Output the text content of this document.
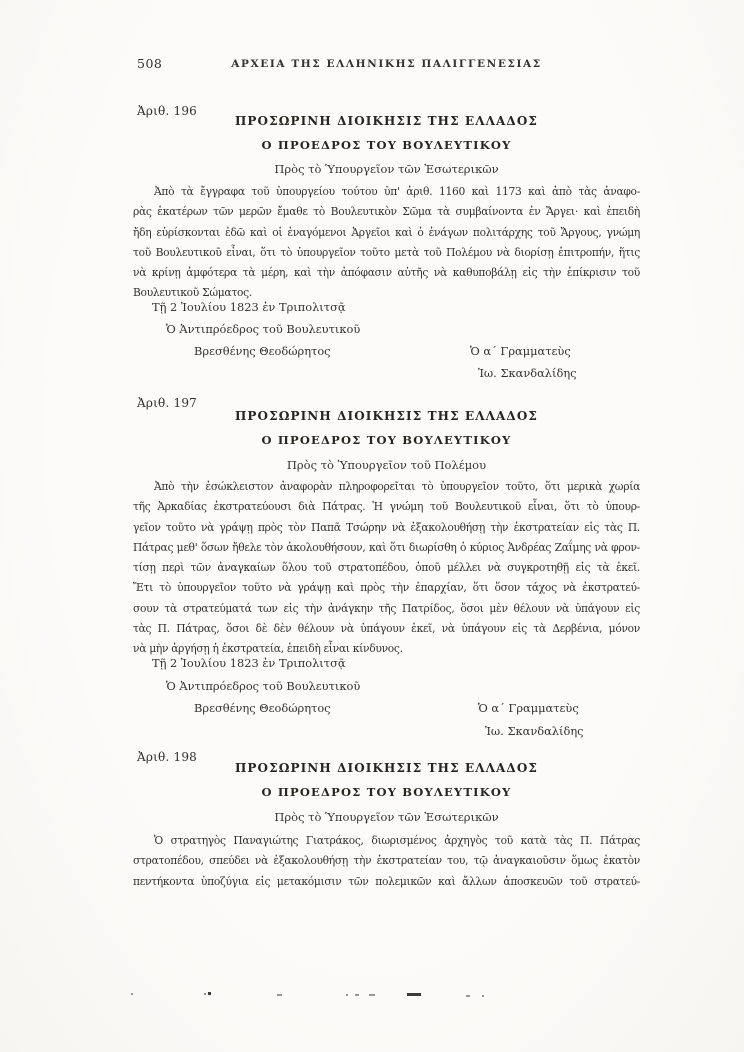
508	ΑΡΧΕΙΑ ΤΗΣ ΕΛΛΗΝΙΚΗΣ ΠΑΛΙΓΓΕΝΕΣΙΑΣ
Ἀριθ. 196
ΠΡΟΣΩΡΙΝΗ ΔΙΟΙΚΗΣΙΣ ΤΗΣ ΕΛΛΑΔΟΣ
Ο ΠΡΟΕΔΡΟΣ ΤΟΥ ΒΟΥΛΕΥΤΙΚΟΥ
Πρὸς τὸ Ὑπουργεῖον τῶν Ἐσωτερικῶν
Ἀπὸ τὰ ἔγγραφα τοῦ ὑπουργείου τούτου ὑπ' ἀριθ. 1160 καὶ 1173 καὶ ἀπὸ τὰς ἀναφο-
ρὰς ἑκατέρων τῶν μερῶν ἔμαθε τὸ Βουλευτικὸν Σῶμα τὰ συμβαίνοντα ἐν Ἄργει· καὶ ἐπειδὴ
ἤδη εὑρίσκονται ἐδῶ καὶ οἱ ἐναγόμενοι Ἀργεῖοι καὶ ὁ ἐνάγων πολιτάρχης τοῦ Ἄργους, γνώμη
τοῦ Βουλευτικοῦ εἶναι, ὅτι τὸ ὑπουργεῖον τοῦτο μετὰ τοῦ Πολέμου νὰ διορίσῃ ἐπιτροπήν, ἥτις
νὰ κρίνῃ ἀμφότερα τὰ μέρη, καὶ τὴν ἀπόφασιν αὐτῆς νὰ καθυποβάλῃ εἰς τὴν ἐπίκρισιν τοῦ
Βουλευτικοῦ Σώματος.
Τῇ 2 Ἰουλίου 1823 ἐν Τριπολιτσᾷ
Ὁ Ἀντιπρόεδρος τοῦ Βουλευτικοῦ
Βρεσθένης Θεοδώρητος	Ὁ α΄ Γραμματεὺς
Ἰω. Σκανδαλίδης
Ἀριθ. 197
ΠΡΟΣΩΡΙΝΗ ΔΙΟΙΚΗΣΙΣ ΤΗΣ ΕΛΛΑΔΟΣ
Ο ΠΡΟΕΔΡΟΣ ΤΟΥ ΒΟΥΛΕΥΤΙΚΟΥ
Πρὸς τὸ Ὑπουργεῖον τοῦ Πολέμου
Ἀπὸ τὴν ἐσώκλειστον ἀναφορὰν πληροφορεῖται τὸ ὑπουργεῖον τοῦτο, ὅτι μερικὰ χωρία
τῆς Ἀρκαδίας ἐκστρατεύουσι διὰ Πάτρας. Ἡ γνώμη τοῦ Βουλευτικοῦ εἶναι, ὅτι τὸ ὑπουρ-
γεῖον τοῦτο νὰ γράψῃ πρὸς τὸν Παπᾶ Τσώρην νὰ ἐξακολουθήσῃ τὴν ἐκστρατείαν εἰς τὰς Π.
Πάτρας μεθ' ὅσων ἤθελε τὸν ἀκολουθήσουν, καὶ ὅτι διωρίσθη ὁ κύριος Ἀνδρέας Ζαΐμης νὰ φρον-
τίσῃ περὶ τῶν ἀναγκαίων ὅλου τοῦ στρατοπέδου, ὁποῦ μέλλει νὰ συγκροτηθῇ εἰς τὰ ἐκεῖ.
Ἔτι τὸ ὑπουργεῖον τοῦτο νὰ γράψῃ καὶ πρὸς τὴν ἐπαρχίαν, ὅτι ὅσον τάχος νὰ ἐκστρατεύ-
σουν τὰ στρατεύματά των εἰς τὴν ἀνάγκην τῆς Πατρίδος, ὅσοι μὲν θέλουν νὰ ὑπάγουν εἰς
τὰς Π. Πάτρας, ὅσοι δὲ δὲν θέλουν νὰ ὑπάγουν ἐκεῖ, νὰ ὑπάγουν εἰς τὰ Δερβένια, μόνον
νὰ μὴν ἀργήσῃ ἡ ἐκστρατεία, ἐπειδὴ εἶναι κίνδυνος.
Τῇ 2 Ἰουλίου 1823 ἐν Τριπολιτσᾷ
Ὁ Ἀντιπρόεδρος τοῦ Βουλευτικοῦ
Βρεσθένης Θεοδώρητος	Ὁ α΄ Γραμματεὺς
Ἰω. Σκανδαλίδης
Ἀριθ. 198
ΠΡΟΣΩΡΙΝΗ ΔΙΟΙΚΗΣΙΣ ΤΗΣ ΕΛΛΑΔΟΣ
Ο ΠΡΟΕΔΡΟΣ ΤΟΥ ΒΟΥΛΕΥΤΙΚΟΥ
Πρὸς τὸ Ὑπουργεῖον τῶν Ἐσωτερικῶν
Ὁ στρατηγὸς Παναγιώτης Γιατράκος, διωρισμένος ἀρχηγὸς τοῦ κατὰ τὰς Π. Πάτρας
στρατοπέδου, σπεύδει νὰ ἐξακολουθήσῃ τὴν ἐκστρατείαν του, τῷ ἀναγκαιοῦσιν ὅμως ἑκατὸν
πεντήκοντα ὑποζύγια εἰς μετακόμισιν τῶν πολεμικῶν καὶ ἄλλων ἀποσκευῶν τοῦ στρατεύ-
